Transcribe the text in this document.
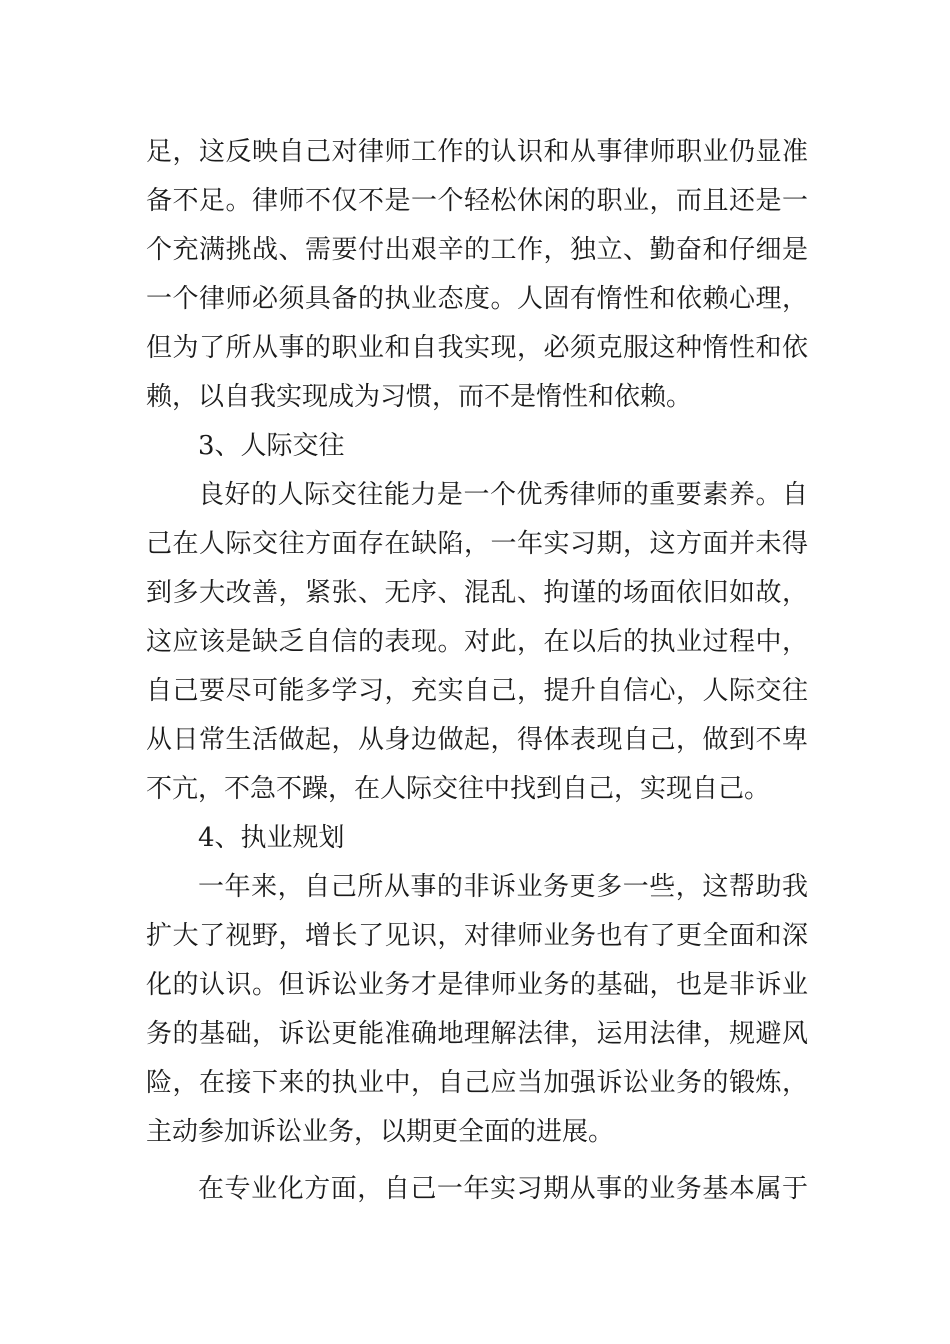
足，这反映自己对律师工作的认识和从事律师职业仍显准
备不足。律师不仅不是一个轻松休闲的职业，而且还是一
个充满挑战、需要付出艰辛的工作，独立、勤奋和仔细是
一个律师必须具备的执业态度。人固有惰性和依赖心理，
但为了所从事的职业和自我实现，必须克服这种惰性和依
赖，以自我实现成为习惯，而不是惰性和依赖。
3、人际交往
良好的人际交往能力是一个优秀律师的重要素养。自
己在人际交往方面存在缺陷，一年实习期，这方面并未得
到多大改善，紧张、无序、混乱、拘谨的场面依旧如故，
这应该是缺乏自信的表现。对此，在以后的执业过程中，
自己要尽可能多学习，充实自己，提升自信心，人际交往
从日常生活做起，从身边做起，得体表现自己，做到不卑
不亢，不急不躁，在人际交往中找到自己，实现自己。
4、执业规划
一年来，自己所从事的非诉业务更多一些，这帮助我
扩大了视野，增长了见识，对律师业务也有了更全面和深
化的认识。但诉讼业务才是律师业务的基础，也是非诉业
务的基础，诉讼更能准确地理解法律，运用法律，规避风
险，在接下来的执业中，自己应当加强诉讼业务的锻炼，
主动参加诉讼业务，以期更全面的进展。
在专业化方面，自己一年实习期从事的业务基本属于
